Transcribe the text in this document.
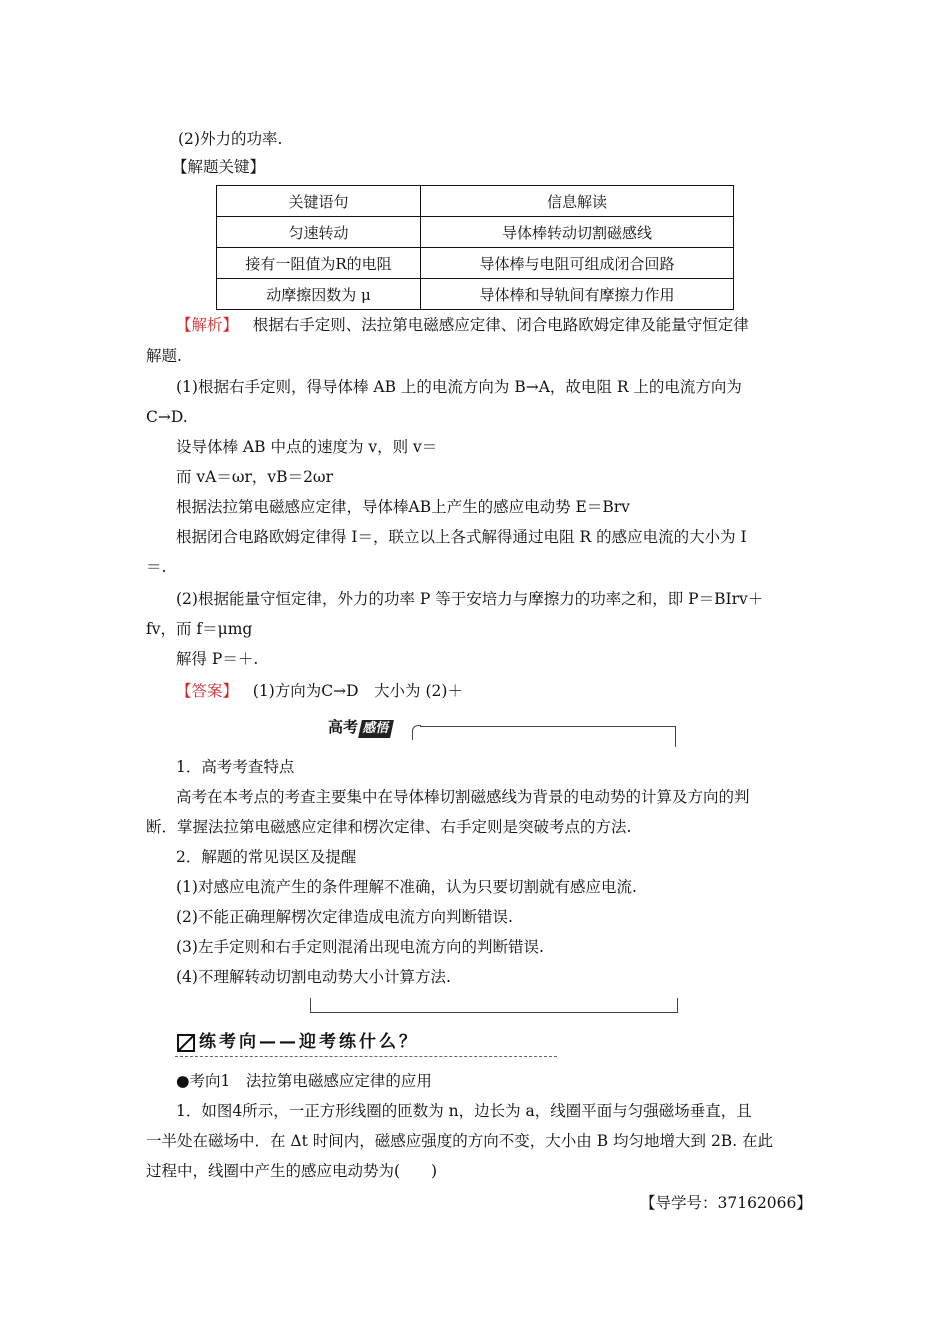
(2)外力的功率.
【解题关键】
关键语句	信息解读
匀速转动	导体棒转动切割磁感线
接有一阻值为R的电阻	导体棒与电阻可组成闭合回路
动摩擦因数为 μ	导体棒和导轨间有摩擦力作用
【解析】 根据右手定则、法拉第电磁感应定律、闭合电路欧姆定律及能量守恒定律
解题.
(1)根据右手定则，得导体棒 AB 上的电流方向为 B→A，故电阻 R 上的电流方向为
C→D.
设导体棒 AB 中点的速度为 v，则 v＝
而 vA＝ωr，vB＝2ωr
根据法拉第电磁感应定律，导体棒AB上产生的感应电动势 E＝Brv
根据闭合电路欧姆定律得 I＝，联立以上各式解得通过电阻 R 的感应电流的大小为 I
＝.
(2)根据能量守恒定律，外力的功率 P 等于安培力与摩擦力的功率之和，即 P＝BIrv＋
fv，而 f＝μmg
解得 P＝＋.
【答案】 (1)方向为C→D　大小为 (2)＋
高考 感悟
1．高考考查特点
高考在本考点的考查主要集中在导体棒切割磁感线为背景的电动势的计算及方向的判
断．掌握法拉第电磁感应定律和楞次定律、右手定则是突破考点的方法.
2．解题的常见误区及提醒
(1)对感应电流产生的条件理解不准确，认为只要切割就有感应电流.
(2)不能正确理解楞次定律造成电流方向判断错误.
(3)左手定则和右手定则混淆出现电流方向的判断错误.
(4)不理解转动切割电动势大小计算方法.
练考向——迎考练什么？
●考向1　法拉第电磁感应定律的应用
1．如图4所示，一正方形线圈的匝数为 n，边长为 a，线圈平面与匀强磁场垂直，且
一半处在磁场中．在 Δt 时间内，磁感应强度的方向不变，大小由 B 均匀地增大到 2B. 在此
过程中，线圈中产生的感应电动势为(　　)
【导学号：37162066】
